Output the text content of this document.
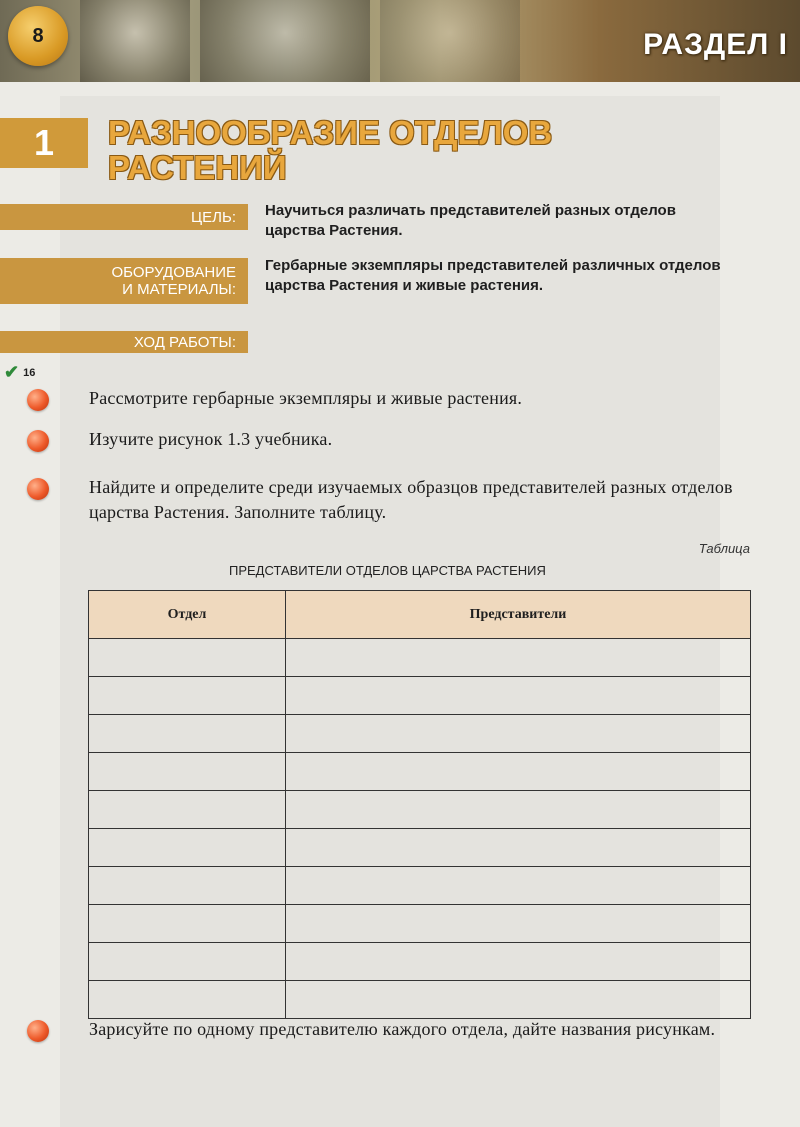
8	РАЗДЕЛ I
1	РАЗНООБРАЗИЕ ОТДЕЛОВ
РАСТЕНИЙ
ЦЕЛЬ:	Научиться различать представителей разных отделов царства Растения.
ОБОРУДОВАНИЕ
И МАТЕРИАЛЫ:
Гербарные экземпляры представителей различных отделов царства Растения и живые растения.
ХОД РАБОТЫ:
✔ 16
Рассмотрите гербарные экземпляры и живые растения.
Изучите рисунок 1.3 учебника.
Найдите и определите среди изучаемых образцов представителей разных отделов царства Растения. Заполните таблицу.
Таблица
ПРЕДСТАВИТЕЛИ ОТДЕЛОВ ЦАРСТВА РАСТЕНИЯ
Отдел	Представители

Зарисуйте по одному представителю каждого отдела, дайте названия рисункам.
